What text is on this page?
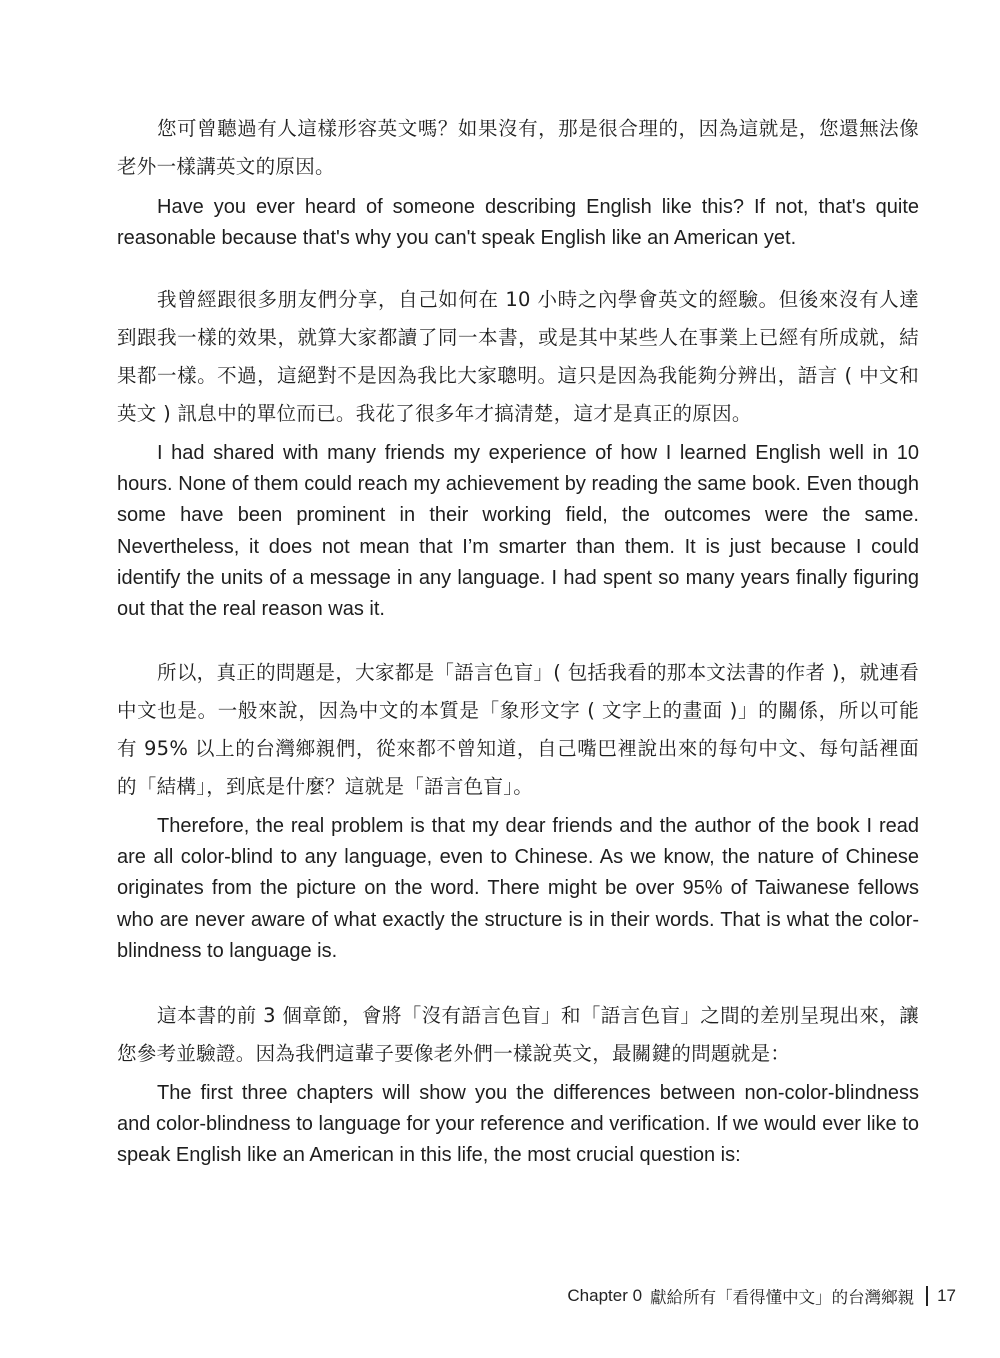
您可曾聽過有人這樣形容英文嗎？如果沒有，那是很合理的，因為這就是，您還無法像老外一樣講英文的原因。

Have you ever heard of someone describing English like this? If not, that's quite reasonable because that's why you can't speak English like an American yet.

我曾經跟很多朋友們分享，自己如何在 10 小時之內學會英文的經驗。但後來沒有人達到跟我一樣的效果，就算大家都讀了同一本書，或是其中某些人在事業上已經有所成就，結果都一樣。不過，這絕對不是因為我比大家聰明。這只是因為我能夠分辨出，語言 ( 中文和英文 ) 訊息中的單位而已。我花了很多年才搞清楚，這才是真正的原因。

I had shared with many friends my experience of how I learned English well in 10 hours. None of them could reach my achievement by reading the same book. Even though some have been prominent in their working field, the outcomes were the same. Nevertheless, it does not mean that I’m smarter than them. It is just because I could identify the units of a message in any language. I had spent so many years finally figuring out that the real reason was it.

所以，真正的問題是，大家都是「語言色盲」( 包括我看的那本文法書的作者 )，就連看中文也是。一般來說，因為中文的本質是「象形文字 ( 文字上的畫面 )」的關係，所以可能有 95% 以上的台灣鄉親們，從來都不曾知道，自己嘴巴裡說出來的每句中文、每句話裡面的「結構」，到底是什麼？這就是「語言色盲」。

Therefore, the real problem is that my dear friends and the author of the book I read are all color-blind to any language, even to Chinese. As we know, the nature of Chinese originates from the picture on the word. There might be over 95% of Taiwanese fellows who are never aware of what exactly the structure is in their words. That is what the color-blindness to language is.

這本書的前 3 個章節，會將「沒有語言色盲」和「語言色盲」之間的差別呈現出來，讓您參考並驗證。因為我們這輩子要像老外們一樣說英文，最關鍵的問題就是：

The first three chapters will show you the differences between non-color-blindness and color-blindness to language for your reference and verification. If we would ever like to speak English like an American in this life, the most crucial question is:

Chapter 0 獻給所有「看得懂中文」的台灣鄉親 17
